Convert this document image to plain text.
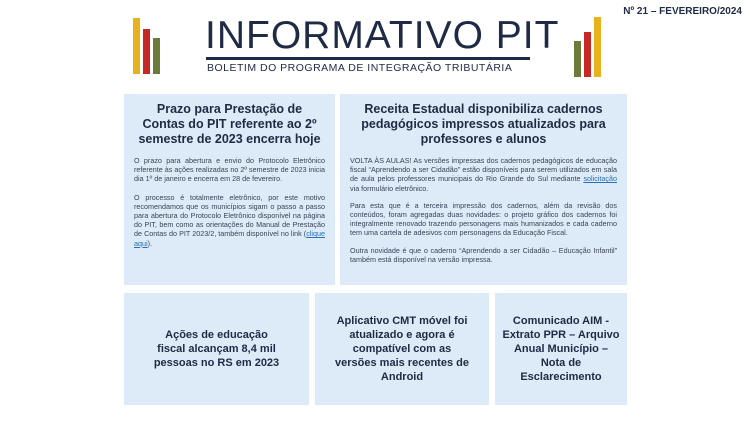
INFORMATIVO PIT
BOLETIM DO PROGRAMA DE INTEGRAÇÃO TRIBUTÁRIA
Nº 21 – FEVEREIRO/2024
Prazo para Prestação de Contas do PIT referente ao 2º semestre de 2023 encerra hoje

O prazo para abertura e envio do Protocolo Eletrônico referente às ações realizadas no 2º semestre de 2023 inicia dia 1º de janeiro e encerra em 28 de fevereiro.

O processo é totalmente eletrônico, por este motivo recomendamos que os municípios sigam o passo a passo para abertura do Protocolo Eletrônico disponível na página do PIT, bem como as orientações do Manual de Prestação de Contas do PIT 2023/2, também disponível no link (clique aqui).

Receita Estadual disponibiliza cadernos pedagógicos impressos atualizados para professores e alunos

VOLTA ÀS AULAS! As versões impressas dos cadernos pedagógicos de educação fiscal “Aprendendo a ser Cidadão” estão disponíveis para serem utilizados em sala de aula pelos professores municipais do Rio Grande do Sul mediante solicitação via formulário eletrônico.

Para esta que é a terceira impressão dos cadernos, além da revisão dos conteúdos, foram agregadas duas novidades: o projeto gráfico dos cadernos foi integralmente renovado trazendo personagens mais humanizados e cada caderno tem uma cartela de adesivos com personagens da Educação Fiscal.

Outra novidade é que o caderno “Aprendendo a ser Cidadão – Educação Infantil” também está disponível na versão impressa.

Ações de educação fiscal alcançam 8,4 mil pessoas no RS em 2023
Aplicativo CMT móvel foi atualizado e agora é compatível com as versões mais recentes de Android
Comunicado AIM - Extrato PPR – Arquivo Anual Município – Nota de Esclarecimento
